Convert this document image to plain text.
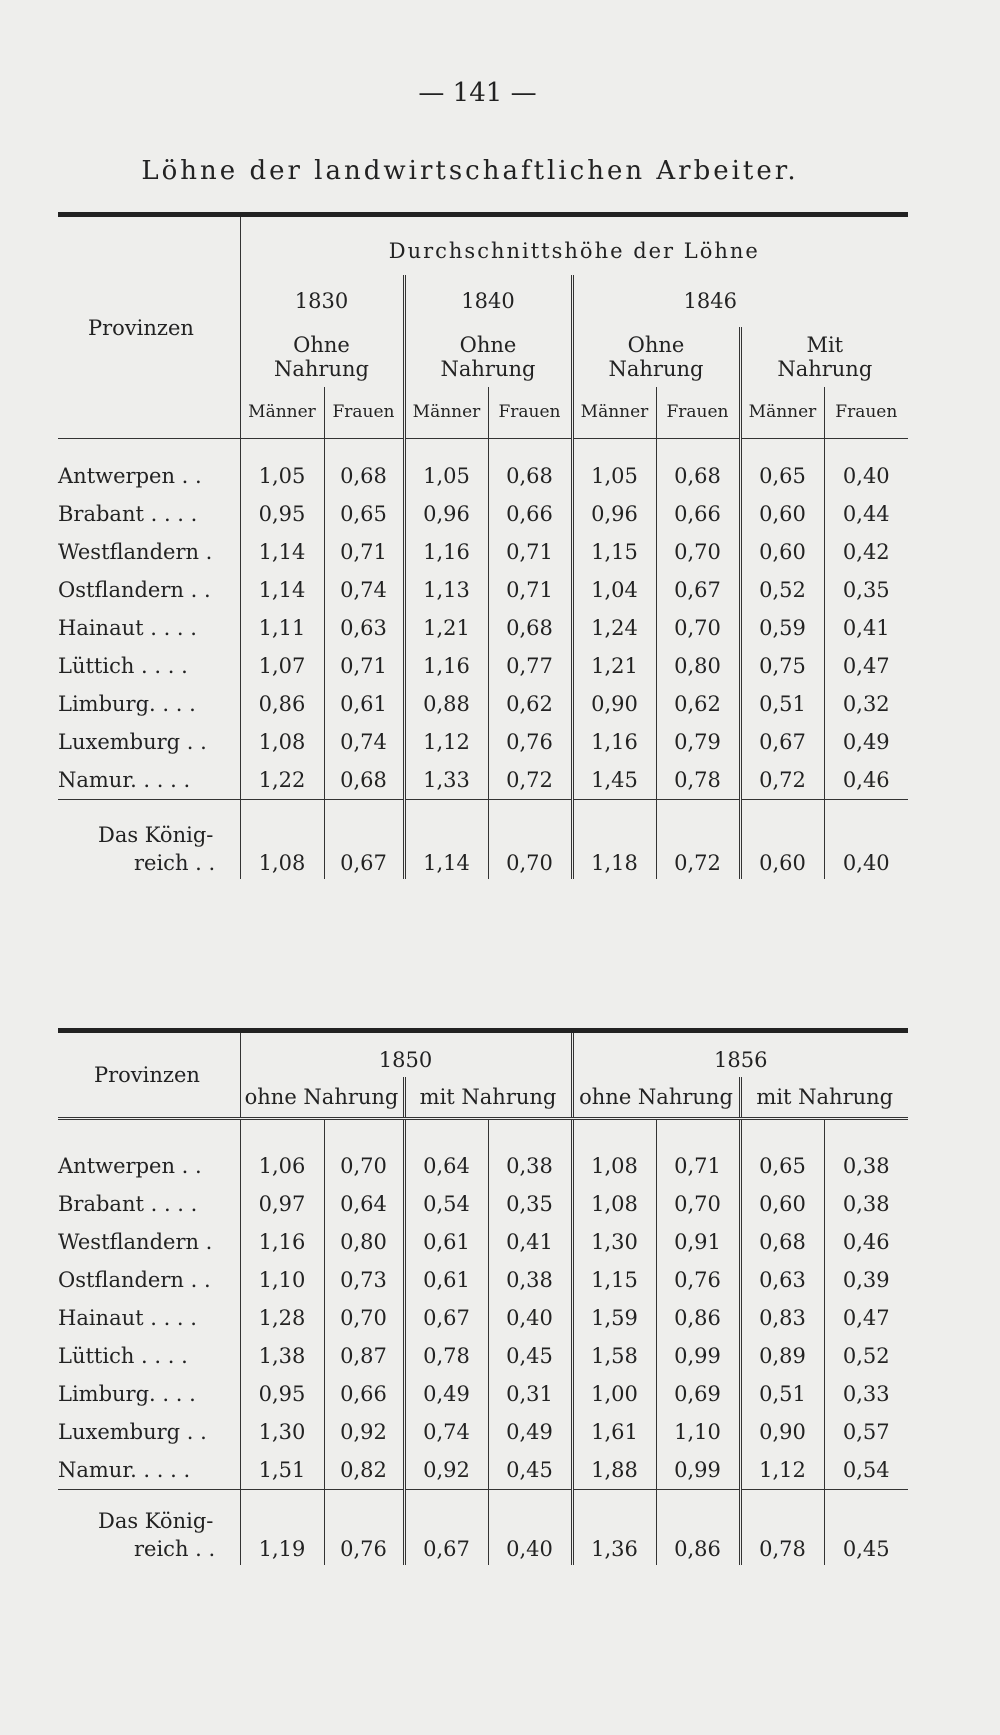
— 141 —
Löhne der landwirtschaftlichen Arbeiter.
Provinzen	Durchschnittshöhe der Löhne							
	1830		1840		1846			
	Ohne Nahrung		Ohne Nahrung		Ohne Nahrung		Mit Nahrung	
	Männer	Frauen	Männer	Frauen	Männer	Frauen	Männer	Frauen

Antwerpen . .	1,05	0,68	1,05	0,68	1,05	0,68	0,65	0,40
Brabant . . . .	0,95	0,65	0,96	0,66	0,96	0,66	0,60	0,44
Westflandern .	1,14	0,71	1,16	0,71	1,15	0,70	0,60	0,42
Ostflandern . .	1,14	0,74	1,13	0,71	1,04	0,67	0,52	0,35
Hainaut . . . .	1,11	0,63	1,21	0,68	1,24	0,70	0,59	0,41
Lüttich . . . .	1,07	0,71	1,16	0,77	1,21	0,80	0,75	0,47
Limburg. . . .	0,86	0,61	0,88	0,62	0,90	0,62	0,51	0,32
Luxemburg . .	1,08	0,74	1,12	0,76	1,16	0,79	0,67	0,49
Namur. . . . .	1,22	0,68	1,33	0,72	1,45	0,78	0,72	0,46

Das König-
reich . .	1,08	0,67	1,14	0,70	1,18	0,72	0,60	0,40
Provinzen	1850				1856			
	ohne Nahrung		mit Nahrung		ohne Nahrung		mit Nahrung	

Antwerpen . .	1,06	0,70	0,64	0,38	1,08	0,71	0,65	0,38
Brabant . . . .	0,97	0,64	0,54	0,35	1,08	0,70	0,60	0,38
Westflandern .	1,16	0,80	0,61	0,41	1,30	0,91	0,68	0,46
Ostflandern . .	1,10	0,73	0,61	0,38	1,15	0,76	0,63	0,39
Hainaut . . . .	1,28	0,70	0,67	0,40	1,59	0,86	0,83	0,47
Lüttich . . . .	1,38	0,87	0,78	0,45	1,58	0,99	0,89	0,52
Limburg. . . .	0,95	0,66	0,49	0,31	1,00	0,69	0,51	0,33
Luxemburg . .	1,30	0,92	0,74	0,49	1,61	1,10	0,90	0,57
Namur. . . . .	1,51	0,82	0,92	0,45	1,88	0,99	1,12	0,54

Das König-
reich . .	1,19	0,76	0,67	0,40	1,36	0,86	0,78	0,45
